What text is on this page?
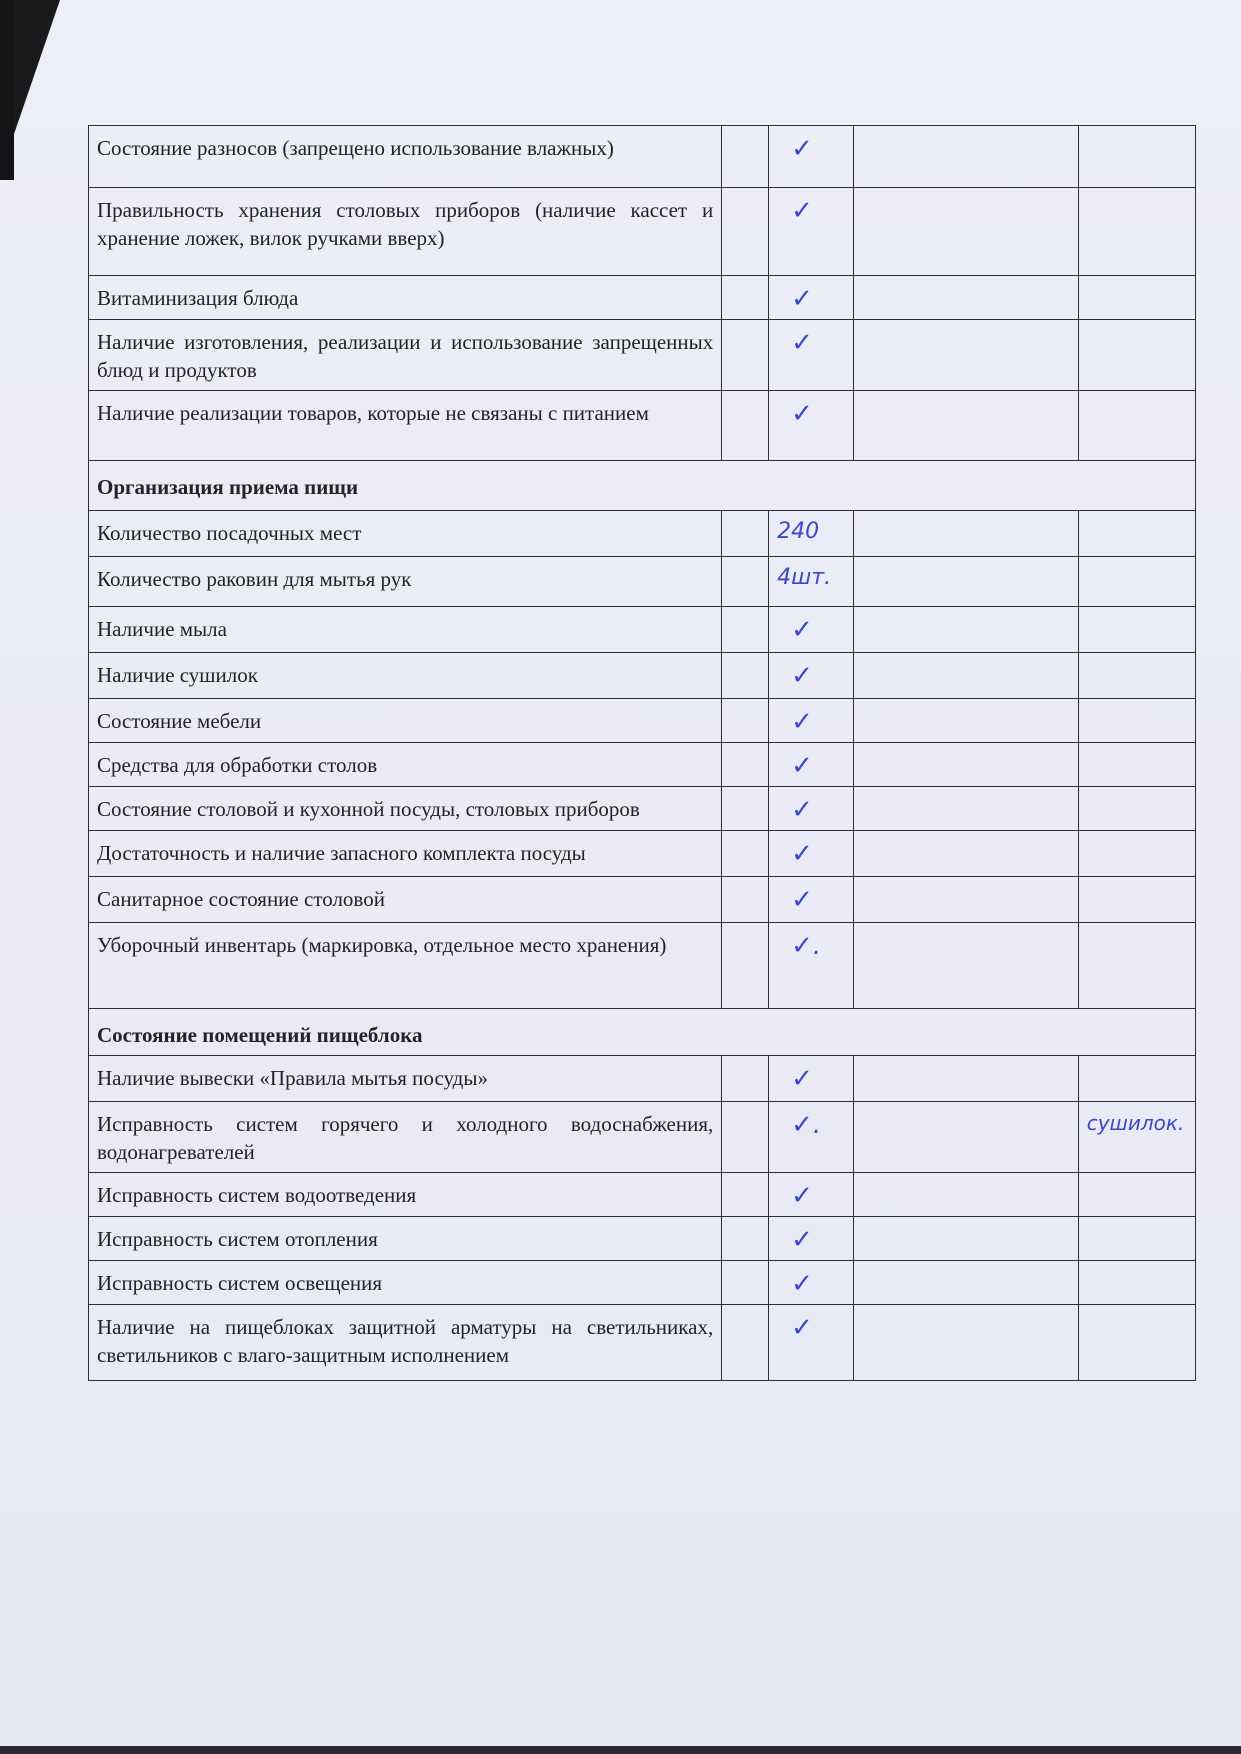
Состояние разносов (запрещено использование влажных)		✓		

Правильность хранения столовых приборов (наличие кассет и хранение ложек, вилок ручками вверх)		✓		

Витаминизация блюда		✓		

Наличие изготовления, реализации и использование запрещенных блюд и продуктов		✓		

Наличие реализации товаров, которые не связаны с питанием		✓		

Организация приема пищи				
Количество посадочных мест		240		

Количество раковин для мытья рук		4шт.		

Наличие мыла		✓		

Наличие сушилок		✓		

Состояние мебели		✓		

Средства для обработки столов		✓		

Состояние столовой и кухонной посуды, столовых приборов		✓		

Достаточность и наличие запасного комплекта посуды		✓		

Санитарное состояние столовой		✓		

Уборочный инвентарь (маркировка, отдельное место хранения)		✓.		

Состояние помещений пищеблока				
Наличие вывески «Правила мытья посуды»		✓		

Исправность систем горячего и холодного водоснабжения, водонагревателей		✓.		сушилок.

Исправность систем водоотведения		✓		

Исправность систем отопления		✓		

Исправность систем освещения		✓		

Наличие на пищеблоках защитной арматуры на светильниках, светильников с влаго-защитным исполнением		✓		
